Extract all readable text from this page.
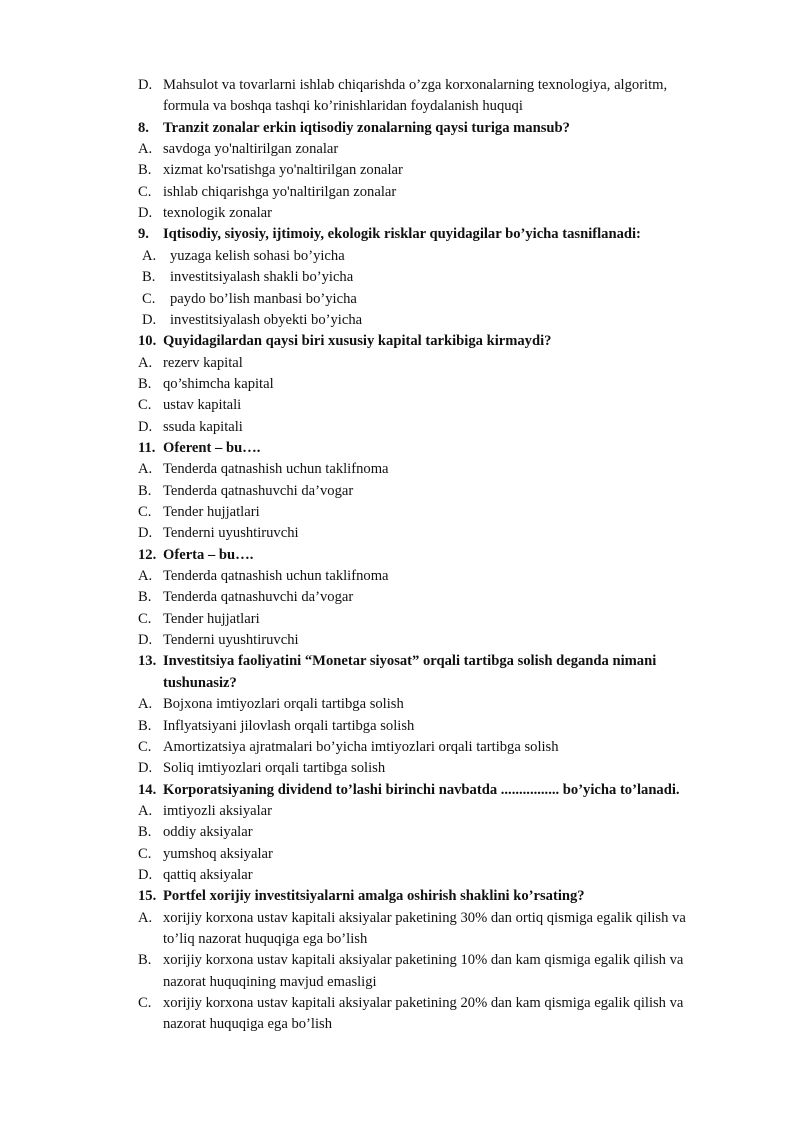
D. Mahsulot va tovarlarni ishlab chiqarishda o’zga korxonalarning texnologiya, algoritm,
formula va boshqa tashqi ko’rinishlaridan foydalanish huquqi
8. Tranzit zonalar erkin iqtisodiy zonalarning qaysi turiga mansub?
A. savdoga yo'naltirilgan zonalar
B. xizmat ko'rsatishga yo'naltirilgan zonalar
C. ishlab chiqarishga yo'naltirilgan zonalar
D. texnologik zonalar
9. Iqtisodiy, siyosiy, ijtimoiy, ekologik risklar quyidagilar bo’yicha tasniflanadi:
A. yuzaga kelish sohasi bo’yicha
B. investitsiyalash shakli bo’yicha
C. paydo bo’lish manbasi bo’yicha
D. investitsiyalash obyekti bo’yicha
10. Quyidagilardan qaysi biri xususiy kapital tarkibiga kirmaydi?
A. rezerv kapital
B. qo’shimcha kapital
C. ustav kapitali
D. ssuda kapitali
11. Oferent – bu….
A. Tenderda qatnashish uchun taklifnoma
B. Tenderda qatnashuvchi da’vogar
C. Tender hujjatlari
D. Tenderni uyushtiruvchi
12. Oferta – bu….
A. Tenderda qatnashish uchun taklifnoma
B. Tenderda qatnashuvchi da’vogar
C. Tender hujjatlari
D. Tenderni uyushtiruvchi
13. Investitsiya faoliyatini “Monetar siyosat” orqali tartibga solish deganda nimani
tushunasiz?
A. Bojxona imtiyozlari orqali tartibga solish
B. Inflyatsiyani jilovlash orqali tartibga solish
C. Amortizatsiya ajratmalari bo’yicha imtiyozlari orqali tartibga solish
D. Soliq imtiyozlari orqali tartibga solish
14. Korporatsiyaning dividend to’lashi birinchi navbatda ................ bo’yicha to’lanadi.
A. imtiyozli aksiyalar
B. oddiy aksiyalar
C. yumshoq aksiyalar
D. qattiq aksiyalar
15. Portfel xorijiy investitsiyalarni amalga oshirish shaklini ko’rsating?
A. xorijiy korxona ustav kapitali aksiyalar paketining 30% dan ortiq qismiga egalik qilish va
to’liq nazorat huquqiga ega bo’lish
B. xorijiy korxona ustav kapitali aksiyalar paketining 10% dan kam qismiga egalik qilish va
nazorat huquqining mavjud emasligi
C. xorijiy korxona ustav kapitali aksiyalar paketining 20% dan kam qismiga egalik qilish va
nazorat huquqiga ega bo’lish
